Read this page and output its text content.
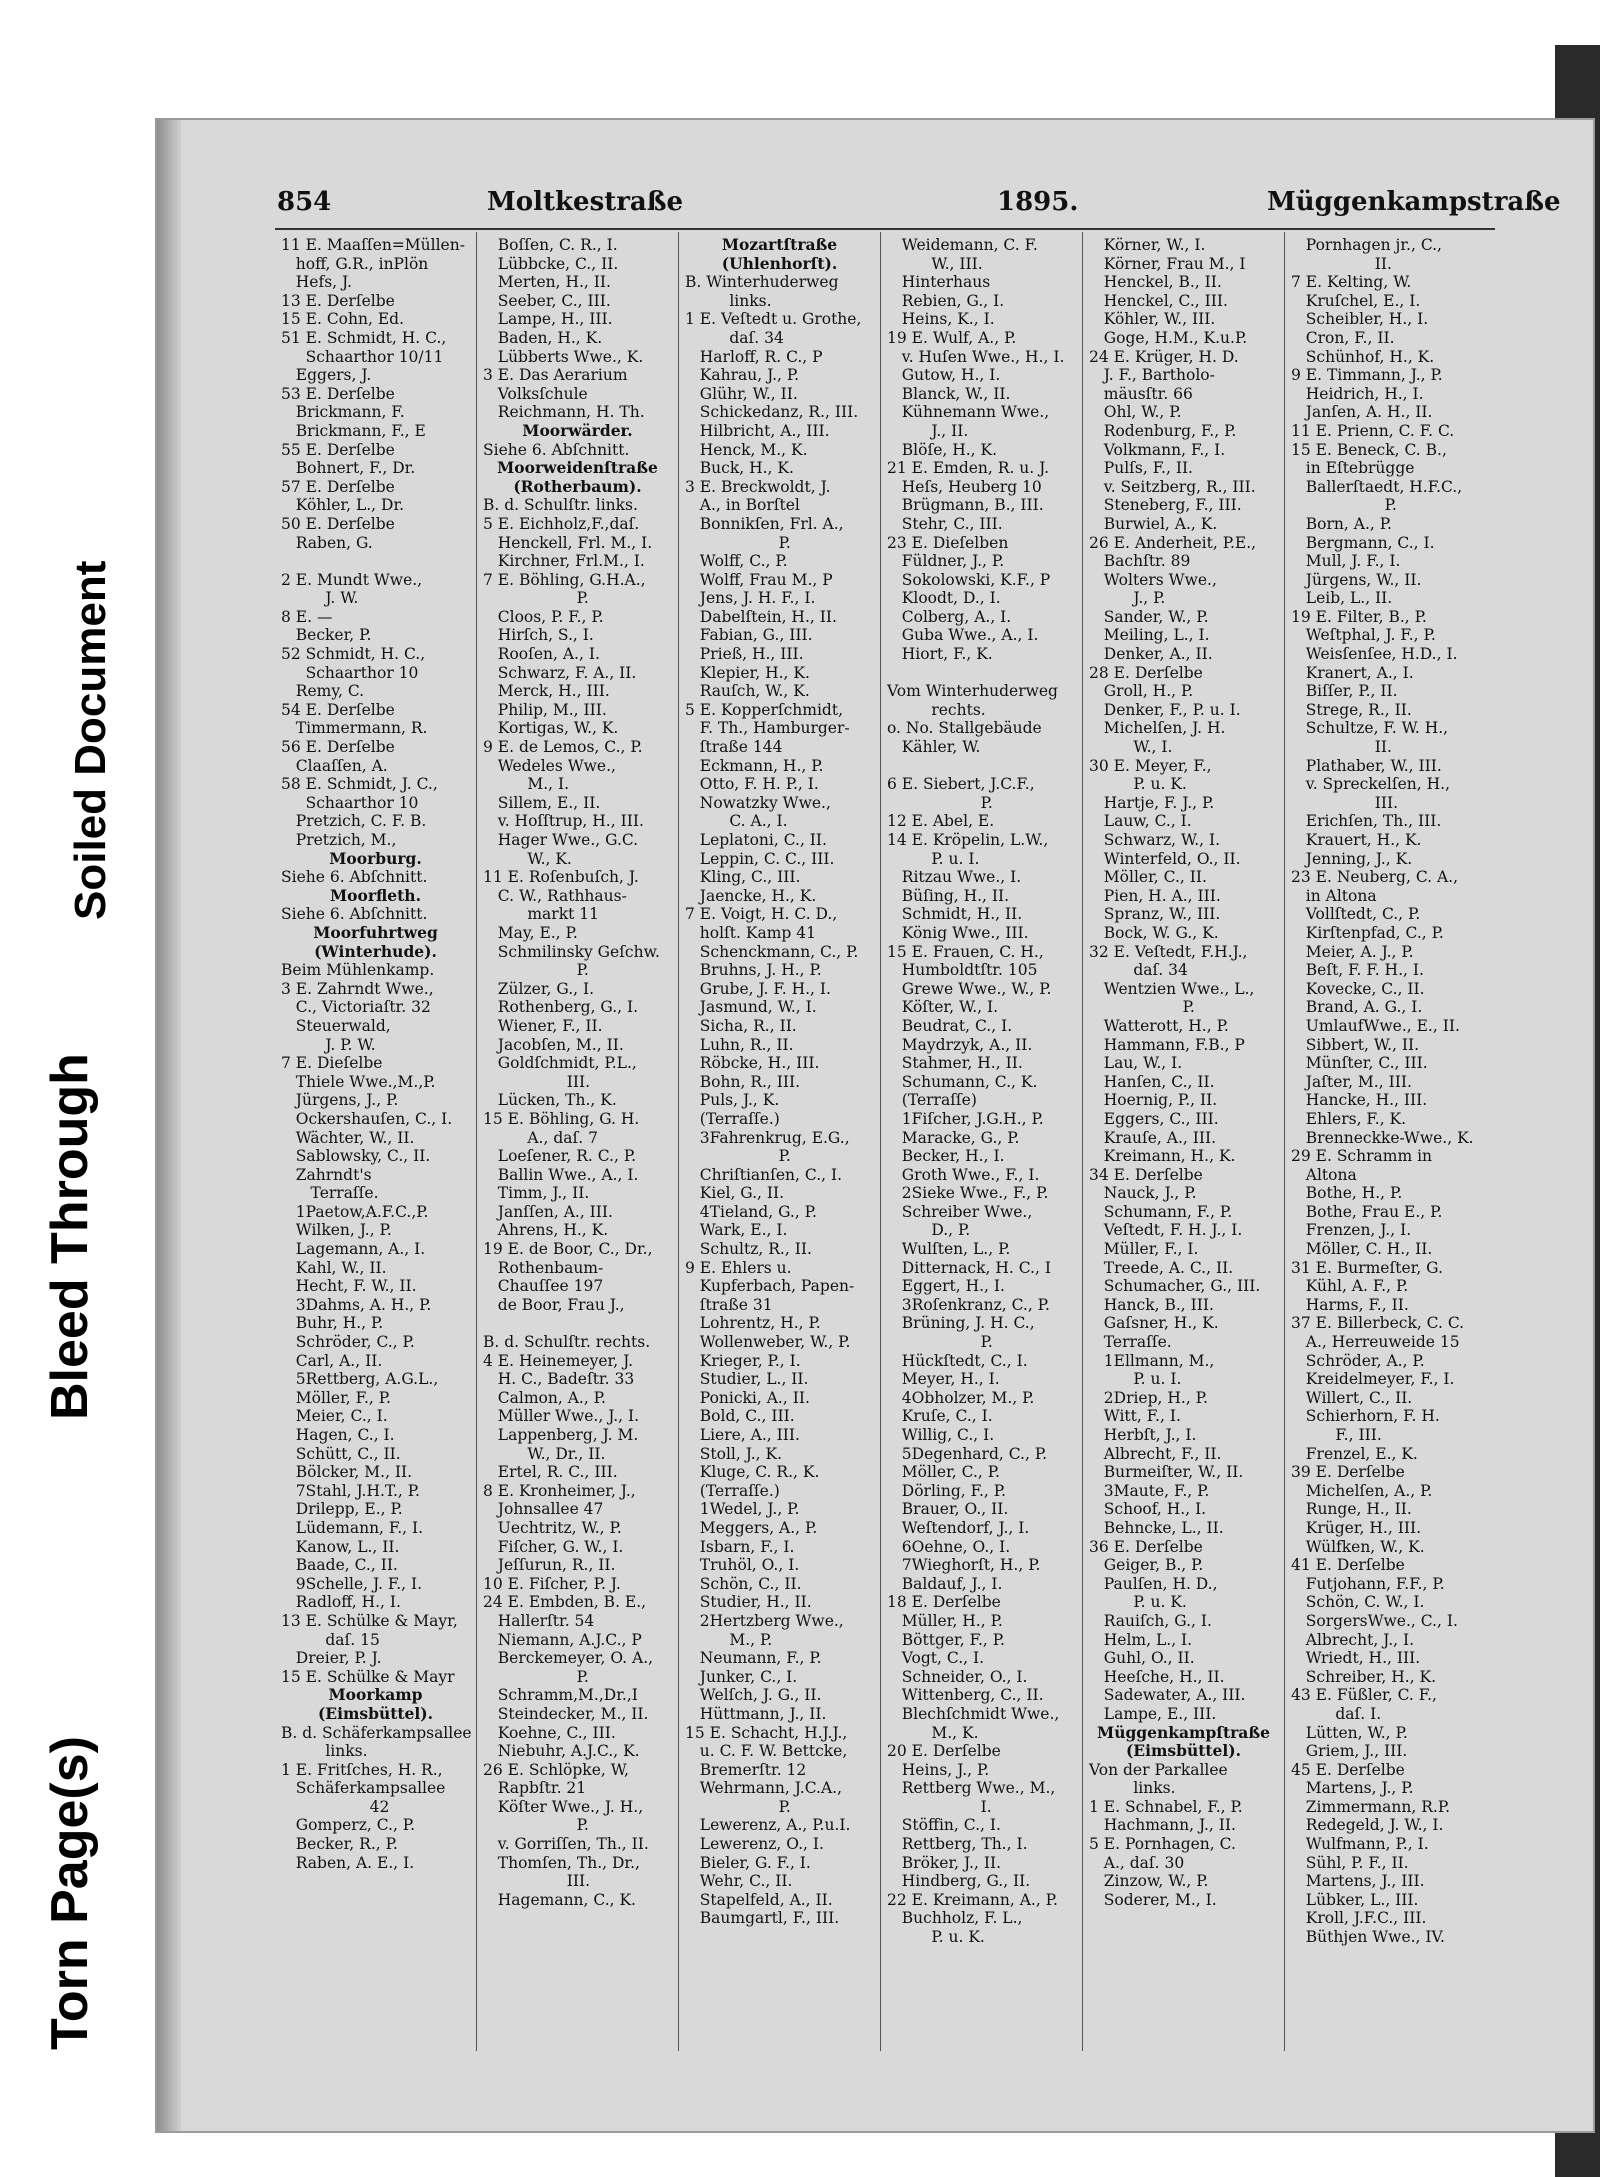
Torn Page(s)
Bleed Through
Soiled Document
854	Moltkestraße	1895.	Müggenkampstraße
11 E. Maaſſen=Müllen-
hoff, G.R., inPlön
Hefs, J.
13 E. Derſelbe
15 E. Cohn, Ed.
51 E. Schmidt, H. C.,
Schaarthor 10/11
Eggers, J.
53 E. Derſelbe
Brickmann, F.
Brickmann, F., E
55 E. Derſelbe
Bohnert, F., Dr.
57 E. Derſelbe
Köhler, L., Dr.
50 E. Derſelbe
Raben, G.
2 E. Mundt Wwe.,
J. W.
8 E. —
Becker, P.
52 Schmidt, H. C.,
Schaarthor 10
Remy, C.
54 E. Derſelbe
Timmermann, R.
56 E. Derſelbe
Claaſſen, A.
58 E. Schmidt, J. C.,
Schaarthor 10
Pretzich, C. F. B.
Pretzich, M.,
Moorburg.
Siehe 6. Abſchnitt.
Moorfleth.
Siehe 6. Abſchnitt.
Moorfuhrtweg
(Winterhude).
Beim Mühlenkamp.
3 E. Zahrndt Wwe.,
C., Victoriaſtr. 32
Steuerwald,
J. P. W.
7 E. Dieſelbe
Thiele Wwe.,M.,P.
Jürgens, J., P.
Ockershauſen, C., I.
Wächter, W., II.
Sablowsky, C., II.
Zahrndt's
Terraſſe.
1Paetow,A.F.C.,P.
Wilken, J., P.
Lagemann, A., I.
Kahl, W., II.
Hecht, F. W., II.
3Dahms, A. H., P.
Buhr, H., P.
Schröder, C., P.
Carl, A., II.
5Rettberg, A.G.L.,
Möller, F., P.
Meier, C., I.
Hagen, C., I.
Schütt, C., II.
Bölcker, M., II.
7Stahl, J.H.T., P.
Drilepp, E., P.
Lüdemann, F., I.
Kanow, L., II.
Baade, C., II.
9Schelle, J. F., I.
Radloff, H., I.
13 E. Schülke & Mayr,
daſ. 15
Dreier, P. J.
15 E. Schülke & Mayr
Moorkamp
(Eimsbüttel).
B. d. Schäferkampsallee
links.
1 E. Fritſches, H. R.,
Schäferkampsallee
42
Gomperz, C., P.
Becker, R., P.
Raben, A. E., I.
Boſſen, C. R., I.
Lübbcke, C., II.
Merten, H., II.
Seeber, C., III.
Lampe, H., III.
Baden, H., K.
Lübberts Wwe., K.
3 E. Das Aerarium
Volksſchule
Reichmann, H. Th.
Moorwärder.
Siehe 6. Abſchnitt.
Moorweidenſtraße
(Rotherbaum).
B. d. Schulſtr. links.
5 E. Eichholz,F.,daſ.
Henckell, Frl. M., I.
Kirchner, Frl.M., I.
7 E. Böhling, G.H.A.,
P.
Cloos, P. F., P.
Hirſch, S., I.
Rooſen, A., I.
Schwarz, F. A., II.
Merck, H., III.
Philip, M., III.
Kortigas, W., K.
9 E. de Lemos, C., P.
Wedeles Wwe.,
M., I.
Sillem, E., II.
v. Hoſſtrup, H., III.
Hager Wwe., G.C.
W., K.
11 E. Roſenbuſch, J.
C. W., Rathhaus-
markt 11
May, E., P.
Schmilinsky Geſchw.
P.
Zülzer, G., I.
Rothenberg, G., I.
Wiener, F., II.
Jacobſen, M., II.
Goldſchmidt, P.L.,
III.
Lücken, Th., K.
15 E. Böhling, G. H.
A., daſ. 7
Loeſener, R. C., P.
Ballin Wwe., A., I.
Timm, J., II.
Janſſen, A., III.
Ahrens, H., K.
19 E. de Boor, C., Dr.,
Rothenbaum-
Chauſſee 197
de Boor, Frau J.,
B. d. Schulſtr. rechts.
4 E. Heinemeyer, J.
H. C., Badeſtr. 33
Calmon, A., P.
Müller Wwe., J., I.
Lappenberg, J. M.
W., Dr., II.
Ertel, R. C., III.
8 E. Kronheimer, J.,
Johnsallee 47
Uechtritz, W., P.
Fiſcher, G. W., I.
Jeſſurun, R., II.
10 E. Fiſcher, P. J.
24 E. Embden, B. E.,
Hallerſtr. 54
Niemann, A.J.C., P
Berckemeyer, O. A.,
P.
Schramm,M.,Dr.,I
Steindecker, M., II.
Koehne, C., III.
Niebuhr, A.J.C., K.
26 E. Schlöpke, W,
Rapbſtr. 21
Köſter Wwe., J. H.,
P.
v. Gorriſſen, Th., II.
Thomſen, Th., Dr.,
III.
Hagemann, C., K.
Mozartſtraße
(Uhlenhorſt).
B. Winterhuderweg
links.
1 E. Veſtedt u. Grothe,
daſ. 34
Harloff, R. C., P
Kahrau, J., P.
Glühr, W., II.
Schickedanz, R., III.
Hilbricht, A., III.
Henck, M., K.
Buck, H., K.
3 E. Breckwoldt, J.
A., in Borſtel
Bonnikſen, Frl. A.,
P.
Wolff, C., P.
Wolff, Frau M., P
Jens, J. H. F., I.
Dabelſtein, H., II.
Fabian, G., III.
Prieß, H., III.
Klepier, H., K.
Rauſch, W., K.
5 E. Kopperſchmidt,
F. Th., Hamburger-
ſtraße 144
Eckmann, H., P.
Otto, F. H. P., I.
Nowatzky Wwe.,
C. A., I.
Leplatoni, C., II.
Leppin, C. C., III.
Kling, C., III.
Jaencke, H., K.
7 E. Voigt, H. C. D.,
holſt. Kamp 41
Schenckmann, C., P.
Bruhns, J. H., P.
Grube, J. F. H., I.
Jasmund, W., I.
Sicha, R., II.
Luhn, R., II.
Röbcke, H., III.
Bohn, R., III.
Puls, J., K.
(Terraſſe.)
3Fahrenkrug, E.G.,
P.
Chriſtianſen, C., I.
Kiel, G., II.
4Tieland, G., P.
Wark, E., I.
Schultz, R., II.
9 E. Ehlers u.
Kupferbach, Papen-
ſtraße 31
Lohrentz, H., P.
Wollenweber, W., P.
Krieger, P., I.
Studier, L., II.
Ponicki, A., II.
Bold, C., III.
Liere, A., III.
Stoll, J., K.
Kluge, C. R., K.
(Terraſſe.)
1Wedel, J., P.
Meggers, A., P.
Isbarn, F., I.
Truhöl, O., I.
Schön, C., II.
Studier, H., II.
2Hertzberg Wwe.,
M., P.
Neumann, F., P.
Junker, C., I.
Welſch, J. G., II.
Hüttmann, J., II.
15 E. Schacht, H.J.J.,
u. C. F. W. Bettcke,
Bremerſtr. 12
Wehrmann, J.C.A.,
P.
Lewerenz, A., P.u.I.
Lewerenz, O., I.
Bieler, G. F., I.
Wehr, C., II.
Stapelfeld, A., II.
Baumgartl, F., III.
Weidemann, C. F.
W., III.
Hinterhaus
Rebien, G., I.
Heins, K., I.
19 E. Wulf, A., P.
v. Huſen Wwe., H., I.
Gutow, H., I.
Blanck, W., II.
Kühnemann Wwe.,
J., II.
Blöſe, H., K.
21 E. Emden, R. u. J.
Heſs, Heuberg 10
Brügmann, B., III.
Stehr, C., III.
23 E. Dieſelben
Füldner, J., P.
Sokolowski, K.F., P
Kloodt, D., I.
Colberg, A., I.
Guba Wwe., A., I.
Hiort, F., K.
Vom Winterhuderweg
rechts.
o. No. Stallgebäude
Kähler, W.
6 E. Siebert, J.C.F.,
P.
12 E. Abel, E.
14 E. Kröpelin, L.W.,
P. u. I.
Ritzau Wwe., I.
Büſing, H., II.
Schmidt, H., II.
König Wwe., III.
15 E. Frauen, C. H.,
Humboldtſtr. 105
Grewe Wwe., W., P.
Köſter, W., I.
Beudrat, C., I.
Maydrzyk, A., II.
Stahmer, H., II.
Schumann, C., K.
(Terraſſe)
1Fiſcher, J.G.H., P.
Maracke, G., P.
Becker, H., I.
Groth Wwe., F., I.
2Sieke Wwe., F., P.
Schreiber Wwe.,
D., P.
Wulſten, L., P.
Ditternack, H. C., I
Eggert, H., I.
3Roſenkranz, C., P.
Brüning, J. H. C.,
P.
Hückſtedt, C., I.
Meyer, H., I.
4Obholzer, M., P.
Kruſe, C., I.
Willig, C., I.
5Degenhard, C., P.
Möller, C., P.
Dörling, F., P.
Brauer, O., II.
Weſtendorf, J., I.
6Oehne, O., I.
7Wieghorſt, H., P.
Baldauf, J., I.
18 E. Derſelbe
Müller, H., P.
Böttger, F., P.
Vogt, C., I.
Schneider, O., I.
Wittenberg, C., II.
Blechſchmidt Wwe.,
M., K.
20 E. Derſelbe
Heins, J., P.
Rettberg Wwe., M.,
I.
Stöffin, C., I.
Rettberg, Th., I.
Bröker, J., II.
Hindberg, G., II.
22 E. Kreimann, A., P.
Buchholz, F. L.,
P. u. K.
Körner, W., I.
Körner, Frau M., I
Henckel, B., II.
Henckel, C., III.
Köhler, W., III.
Goge, H.M., K.u.P.
24 E. Krüger, H. D.
J. F., Bartholo-
mäusſtr. 66
Ohl, W., P.
Rodenburg, F., P.
Volkmann, F., I.
Pulſs, F., II.
v. Seitzberg, R., III.
Steneberg, F., III.
Burwiel, A., K.
26 E. Anderheit, P.E.,
Bachſtr. 89
Wolters Wwe.,
J., P.
Sander, W., P.
Meiling, L., I.
Denker, A., II.
28 E. Derſelbe
Groll, H., P.
Denker, F., P. u. I.
Michelſen, J. H.
W., I.
30 E. Meyer, F.,
P. u. K.
Hartje, F. J., P.
Lauw, C., I.
Schwarz, W., I.
Winterfeld, O., II.
Möller, C., II.
Pien, H. A., III.
Spranz, W., III.
Bock, W. G., K.
32 E. Veſtedt, F.H.J.,
daſ. 34
Wentzien Wwe., L.,
P.
Watterott, H., P.
Hammann, F.B., P
Lau, W., I.
Hanſen, C., II.
Hoernig, P., II.
Eggers, C., III.
Krauſe, A., III.
Kreimann, H., K.
34 E. Derſelbe
Nauck, J., P.
Schumann, F., P.
Veſtedt, F. H. J., I.
Müller, F., I.
Treede, A. C., II.
Schumacher, G., III.
Hanck, B., III.
Gaſsner, H., K.
Terraſſe.
1Ellmann, M.,
P. u. I.
2Driep, H., P.
Witt, F., I.
Herbſt, J., I.
Albrecht, F., II.
Burmeiſter, W., II.
3Maute, F., P.
Schoof, H., I.
Behncke, L., II.
36 E. Derſelbe
Geiger, B., P.
Paulſen, H. D.,
P. u. K.
Rauiſch, G., I.
Helm, L., I.
Guhl, O., II.
Heeſche, H., II.
Sadewater, A., III.
Lampe, E., III.
Müggenkampſtraße
(Eimsbüttel).
Von der Parkallee
links.
1 E. Schnabel, F., P.
Hachmann, J., II.
5 E. Pornhagen, C.
A., daſ. 30
Zinzow, W., P.
Soderer, M., I.
Pornhagen jr., C.,
II.
7 E. Kelting, W.
Kruſchel, E., I.
Scheibler, H., I.
Cron, F., II.
Schünhof, H., K.
9 E. Timmann, J., P.
Heidrich, H., I.
Janſen, A. H., II.
11 E. Prienn, C. F. C.
15 E. Beneck, C. B.,
in Eſtebrügge
Ballerſtaedt, H.F.C.,
P.
Born, A., P.
Bergmann, C., I.
Mull, J. F., I.
Jürgens, W., II.
Leib, L., II.
19 E. Filter, B., P.
Weſtphal, J. F., P.
Weisſenſee, H.D., I.
Kranert, A., I.
Biſſer, P., II.
Strege, R., II.
Schultze, F. W. H.,
II.
Plathaber, W., III.
v. Spreckelſen, H.,
III.
Erichſen, Th., III.
Krauert, H., K.
Jenning, J., K.
23 E. Neuberg, C. A.,
in Altona
Vollſtedt, C., P.
Kirſtenpfad, C., P.
Meier, A. J., P.
Beſt, F. F. H., I.
Kovecke, C., II.
Brand, A. G., I.
UmlaufWwe., E., II.
Sibbert, W., II.
Münſter, C., III.
Jaſter, M., III.
Hancke, H., III.
Ehlers, F., K.
Brenneckke-Wwe., K.
29 E. Schramm in
Altona
Bothe, H., P.
Bothe, Frau E., P.
Frenzen, J., I.
Möller, C. H., II.
31 E. Burmeſter, G.
Kühl, A. F., P.
Harms, F., II.
37 E. Billerbeck, C. C.
A., Herreuweide 15
Schröder, A., P.
Kreidelmeyer, F., I.
Willert, C., II.
Schierhorn, F. H.
F., III.
Frenzel, E., K.
39 E. Derſelbe
Michelſen, A., P.
Runge, H., II.
Krüger, H., III.
Wülfken, W., K.
41 E. Derſelbe
Futjohann, F.F., P.
Schön, C. W., I.
SorgersWwe., C., I.
Albrecht, J., I.
Wriedt, H., III.
Schreiber, H., K.
43 E. Füßler, C. F.,
daſ. I.
Lütten, W., P.
Griem, J., III.
45 E. Derſelbe
Martens, J., P.
Zimmermann, R.P.
Redegeld, J. W., I.
Wulfmann, P., I.
Sühl, P. F., II.
Martens, J., III.
Lübker, L., III.
Kroll, J.F.C., III.
Büthjen Wwe., IV.
